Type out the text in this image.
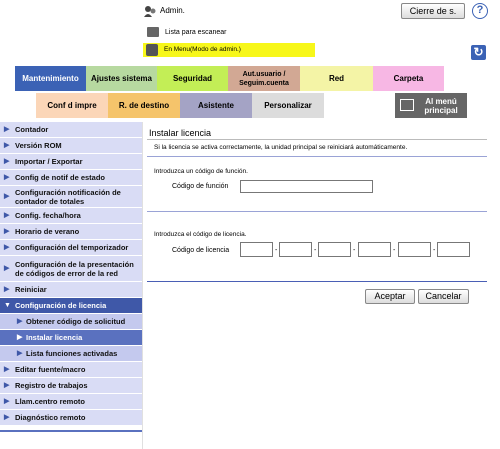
Admin.	Cierre de s.	?
Lista para escanear
En Menu(Modo de admin.)	↻
Mantenimiento	Ajustes sistema	Seguridad	Aut.usuario / Seguim.cuenta	Red	Carpeta
Conf d impre	R. de destino	Asistente	Personalizar	Al menú principal
▶ Contador
▶ Versión ROM
▶ Importar / Exportar
▶ Config de notif de estado
▶ Configuración notificación de contador de totales
▶ Config. fecha/hora
▶ Horario de verano
▶ Configuración del temporizador
▶ Configuración de la presentación de códigos de error de la red
▶ Reiniciar
▼ Configuración de licencia
▶ Obtener código de solicitud
▶ Instalar licencia
▶ Lista funciones activadas
▶ Editar fuente/macro
▶ Registro de trabajos
▶ Llam.centro remoto
▶ Diagnóstico remoto
Instalar licencia
Si la licencia se activa correctamente, la unidad principal se reiniciará automáticamente.
Introduzca un código de función.
Código de función
Introduzca el código de licencia.
Código de licencia	-	-	-	-	-
Aceptar	Cancelar
